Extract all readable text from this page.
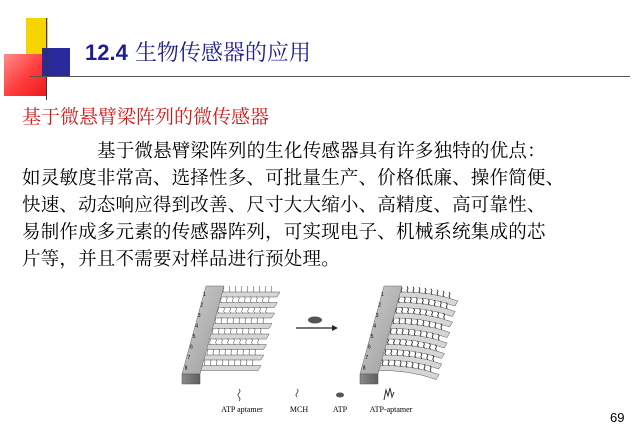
12.4 生物传感器的应用
基于微悬臂梁阵列的微传感器
基于微悬臂梁阵列的生化传感器具有许多独特的优点：
如灵敏度非常高、选择性多、可批量生产、价格低廉、操作简便、
快速、动态响应得到改善、尺寸大大缩小、高精度、高可靠性、
易制作成多元素的传感器阵列，可实现电子、机械系统集成的芯
片等，并且不需要对样品进行预处理。
1
2
3
4
5
6
7
8
1
2
3
4
5
6
7
8
ATP aptamer	MCH	ATP	ATP-aptamer
69
